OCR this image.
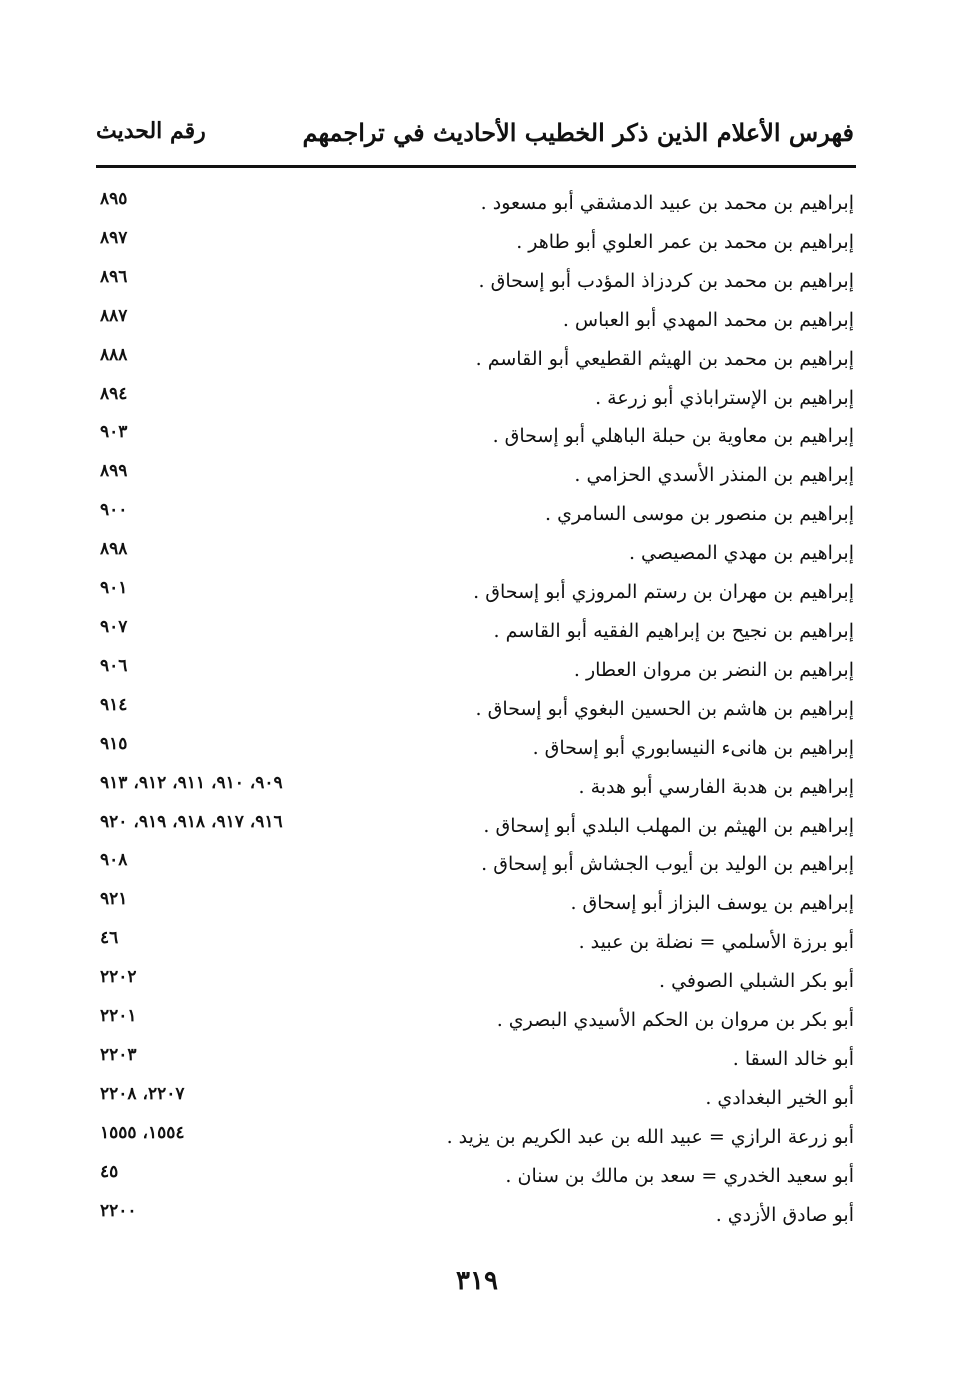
فهرس الأعلام الذين ذكر الخطيب الأحاديث في تراجمهم
رقم الحديث
إبراهيم بن محمد بن عبيد الدمشقي أبو مسعود .
٨٩٥
إبراهيم بن محمد بن عمر العلوي أبو طاهر .
٨٩٧
إبراهيم بن محمد بن كردزاذ المؤدب أبو إسحاق .
٨٩٦
إبراهيم بن محمد المهدي أبو العباس .
٨٨٧
إبراهيم بن محمد بن الهيثم القطيعي أبو القاسم .
٨٨٨
إبراهيم بن الإستراباذي أبو زرعة .
٨٩٤
إبراهيم بن معاوية بن حبلة الباهلي أبو إسحاق .
٩٠٣
إبراهيم بن المنذر الأسدي الحزامي .
٨٩٩
إبراهيم بن منصور بن موسى السامري .
٩٠٠
إبراهيم بن مهدي المصيصي .
٨٩٨
إبراهيم بن مهران بن رستم المروزي أبو إسحاق .
٩٠١
إبراهيم بن نجيح بن إبراهيم الفقيه أبو القاسم .
٩٠٧
إبراهيم بن النضر بن مروان العطار .
٩٠٦
إبراهيم بن هاشم بن الحسين البغوي أبو إسحاق .
٩١٤
إبراهيم بن هانىء النيسابوري أبو إسحاق .
٩١٥
إبراهيم بن هدبة الفارسي أبو هدبة .
٩٠٩، ٩١٠، ٩١١، ٩١٢، ٩١٣
إبراهيم بن الهيثم بن المهلب البلدي أبو إسحاق .
٩١٦، ٩١٧، ٩١٨، ٩١٩، ٩٢٠
إبراهيم بن الوليد بن أيوب الجشاش أبو إسحاق .
٩٠٨
إبراهيم بن يوسف البزاز أبو إسحاق .
٩٢١
أبو برزة الأسلمي = نضلة بن عبيد .
٤٦
أبو بكر الشبلي الصوفي .
٢٢٠٢
أبو بكر بن مروان بن الحكم الأسيدي البصري .
٢٢٠١
أبو خالد السقا .
٢٢٠٣
أبو الخير البغدادي .
٢٢٠٧، ٢٢٠٨
أبو زرعة الرازي = عبيد الله بن عبد الكريم بن يزيد .
١٥٥٤، ١٥٥٥
أبو سعيد الخدري = سعد بن مالك بن سنان .
٤٥
أبو صادق الأزدي .
٢٢٠٠
٣١٩
